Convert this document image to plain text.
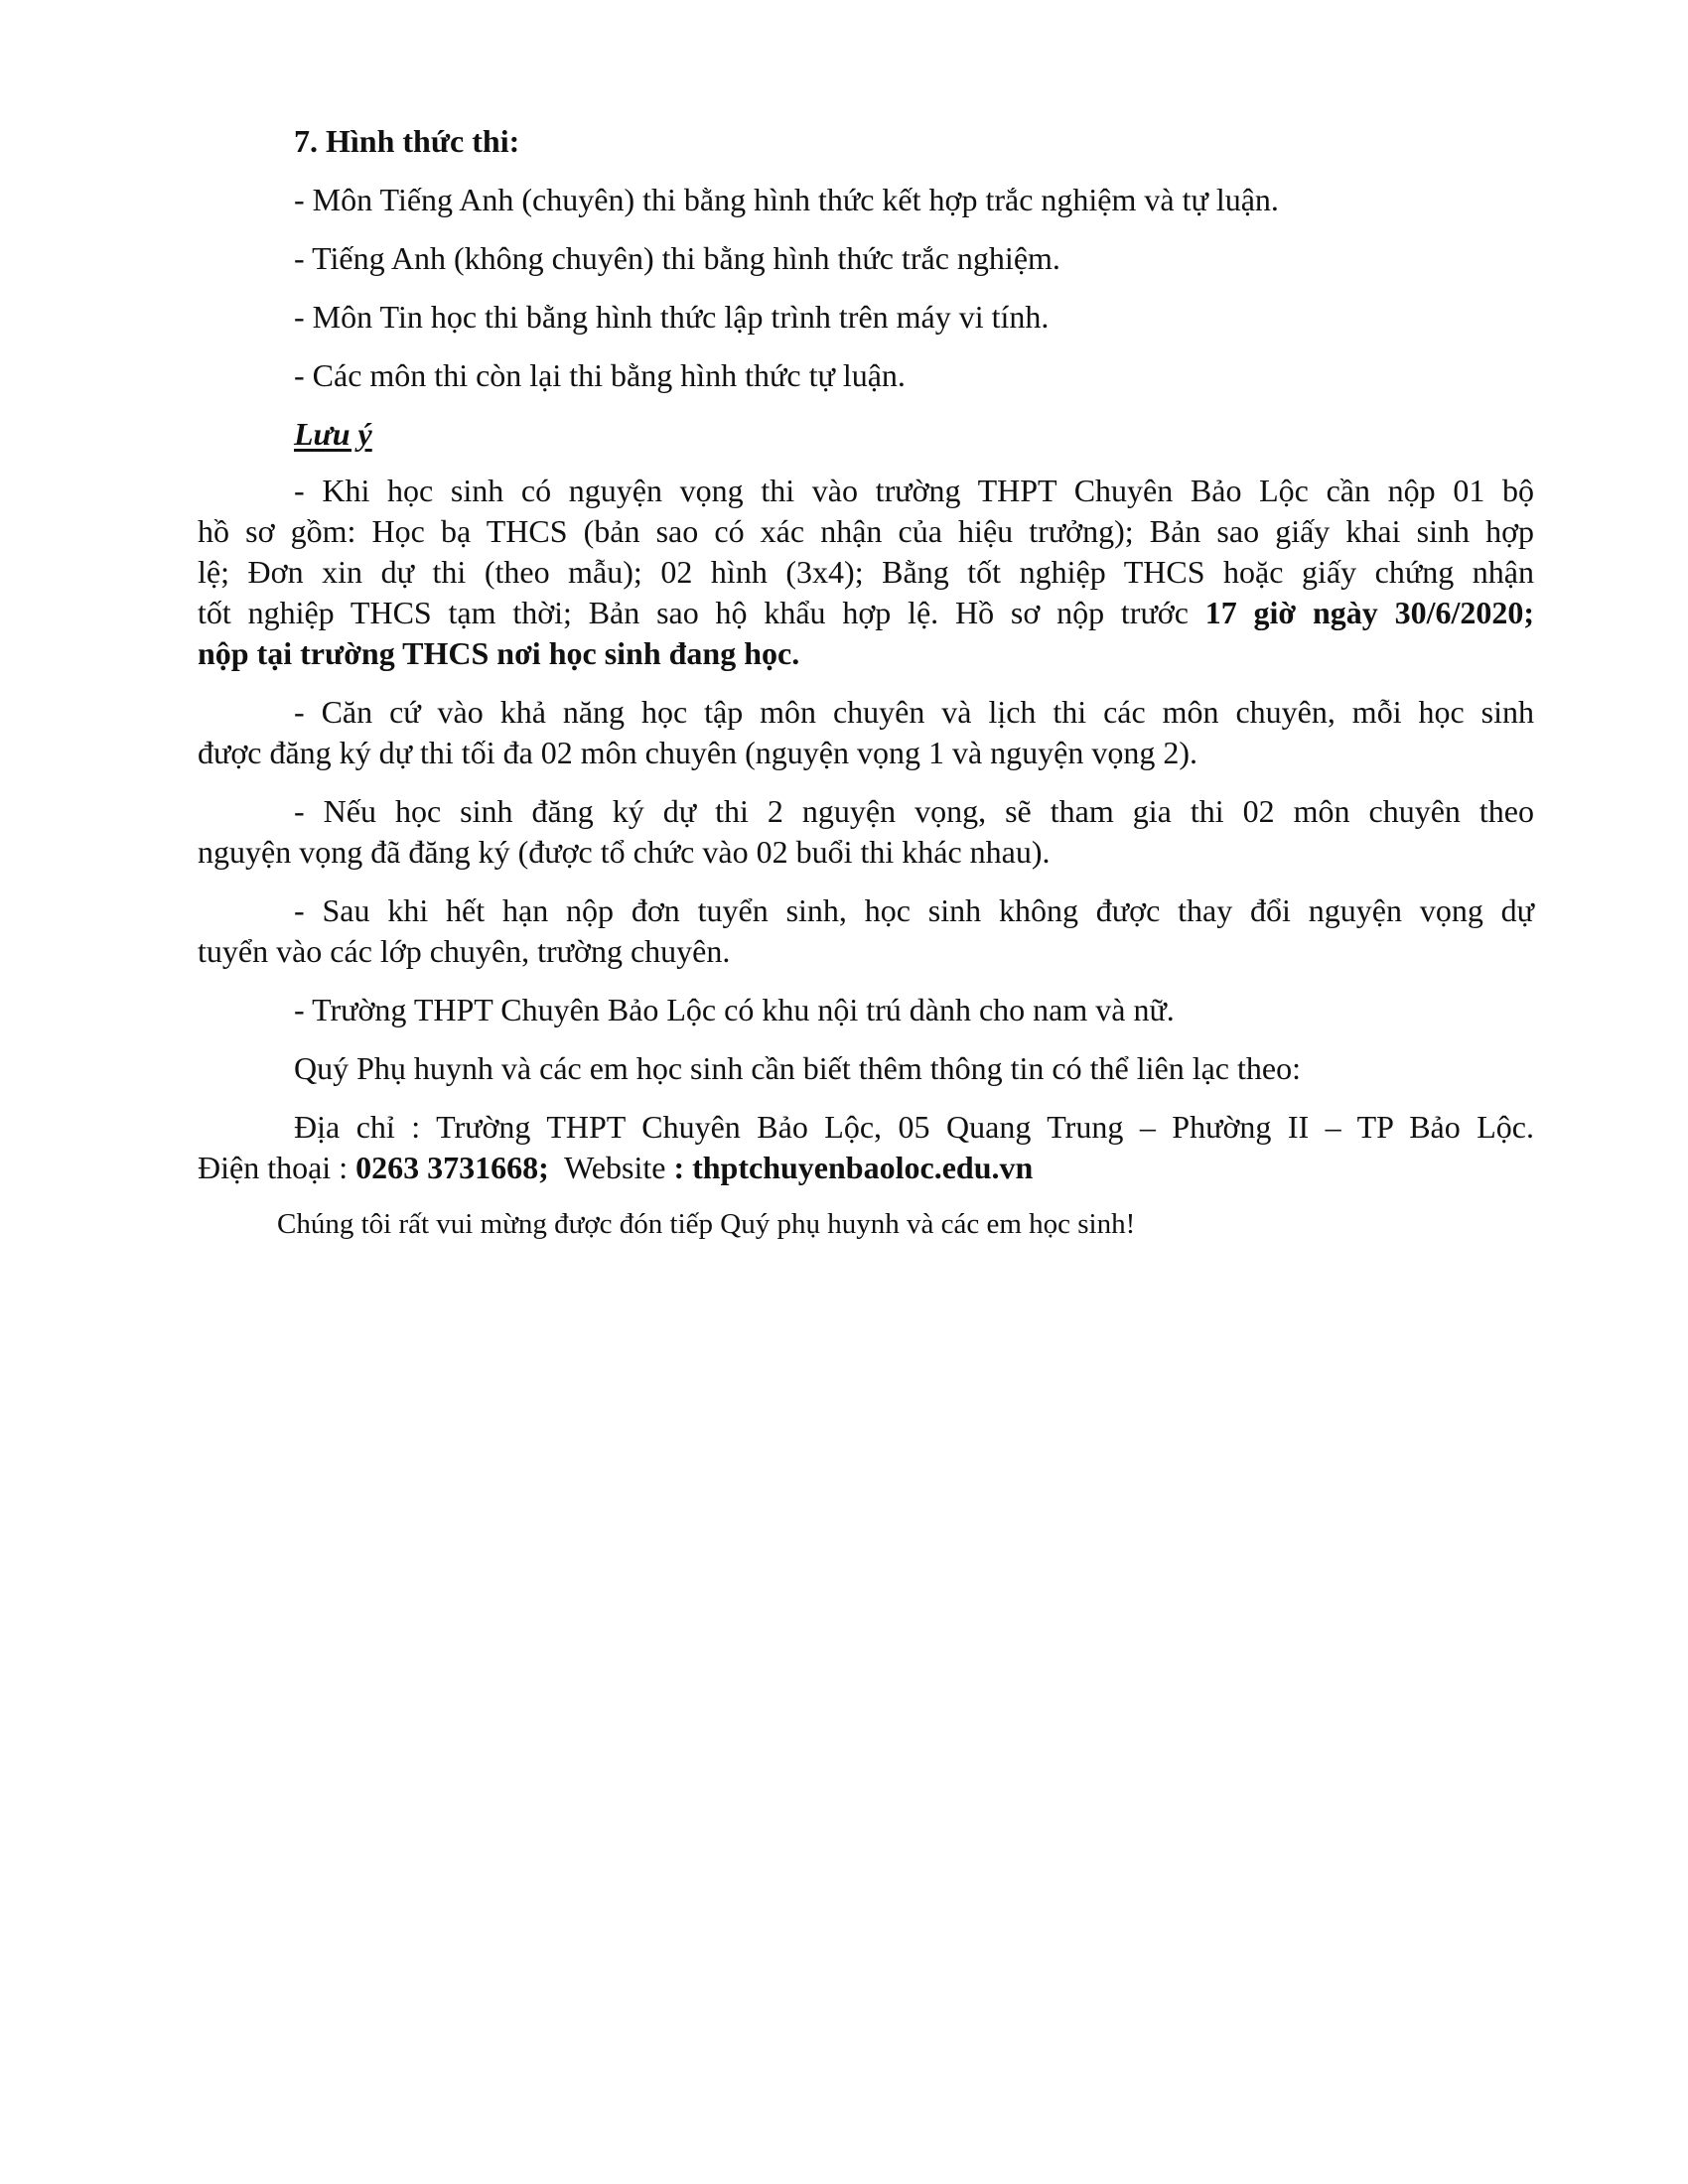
7. Hình thức thi:

- Môn Tiếng Anh (chuyên) thi bằng hình thức kết hợp trắc nghiệm và tự luận.

- Tiếng Anh (không chuyên) thi bằng hình thức trắc nghiệm.

- Môn Tin học thi bằng hình thức lập trình trên máy vi tính.

- Các môn thi còn lại thi bằng hình thức tự luận.

Lưu ý

- Khi học sinh có nguyện vọng thi vào trường THPT Chuyên Bảo Lộc cần nộp 01 bộ

hồ sơ gồm: Học bạ THCS (bản sao có xác nhận của hiệu trưởng); Bản sao giấy khai sinh hợp

lệ; Đơn xin dự thi (theo mẫu); 02 hình (3x4); Bằng tốt nghiệp THCS hoặc giấy chứng nhận

tốt nghiệp THCS tạm thời; Bản sao hộ khẩu hợp lệ. Hồ sơ nộp trước 17 giờ ngày 30/6/2020;

nộp tại trường THCS nơi học sinh đang học.

- Căn cứ vào khả năng học tập môn chuyên và lịch thi các môn chuyên, mỗi học sinh

được đăng ký dự thi tối đa 02 môn chuyên (nguyện vọng 1 và nguyện vọng 2).

- Nếu học sinh đăng ký dự thi 2 nguyện vọng, sẽ tham gia thi 02 môn chuyên theo

nguyện vọng đã đăng ký (được tổ chức vào 02 buổi thi khác nhau).

- Sau khi hết hạn nộp đơn tuyển sinh, học sinh không được thay đổi nguyện vọng dự

tuyển vào các lớp chuyên, trường chuyên.

- Trường THPT Chuyên Bảo Lộc có khu nội trú dành cho nam và nữ.

Quý Phụ huynh và các em học sinh cần biết thêm thông tin có thể liên lạc theo:

Địa chỉ : Trường THPT Chuyên Bảo Lộc, 05 Quang Trung – Phường II – TP Bảo Lộc.

Điện thoại : 0263 3731668;  Website : thptchuyenbaoloc.edu.vn

Chúng tôi rất vui mừng được đón tiếp Quý phụ huynh và các em học sinh!
